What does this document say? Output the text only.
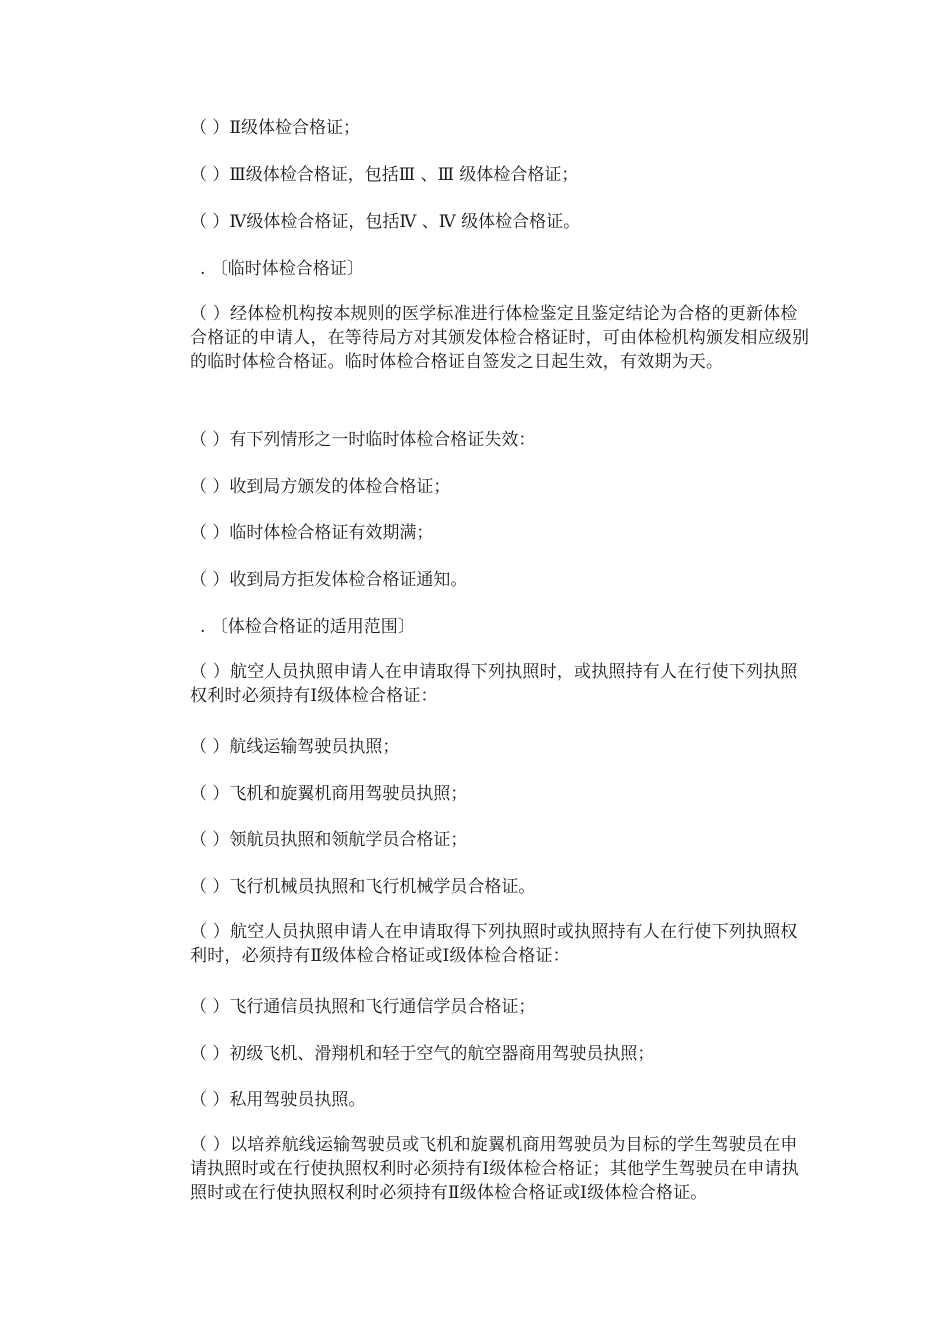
（ ）Ⅱ级体检合格证；
（ ）Ⅲ级体检合格证，包括Ⅲ 、Ⅲ 级体检合格证；
（ ）Ⅳ级体检合格证，包括Ⅳ 、Ⅳ 级体检合格证。
. 〔临时体检合格证〕
（ ）经体检机构按本规则的医学标准进行体检鉴定且鉴定结论为合格的更新体检合格证的申请人，在等待局方对其颁发体检合格证时，可由体检机构颁发相应级别的临时体检合格证。临时体检合格证自签发之日起生效，有效期为天。
（ ）有下列情形之一时临时体检合格证失效：
（ ）收到局方颁发的体检合格证；
（ ）临时体检合格证有效期满；
（ ）收到局方拒发体检合格证通知。
. 〔体检合格证的适用范围〕
（ ）航空人员执照申请人在申请取得下列执照时，或执照持有人在行使下列执照权利时必须持有Ⅰ级体检合格证：
（ ）航线运输驾驶员执照；
（ ）飞机和旋翼机商用驾驶员执照；
（ ）领航员执照和领航学员合格证；
（ ）飞行机械员执照和飞行机械学员合格证。
（ ）航空人员执照申请人在申请取得下列执照时或执照持有人在行使下列执照权利时，必须持有Ⅱ级体检合格证或Ⅰ级体检合格证：
（ ）飞行通信员执照和飞行通信学员合格证；
（ ）初级飞机、滑翔机和轻于空气的航空器商用驾驶员执照；
（ ）私用驾驶员执照。
（ ）以培养航线运输驾驶员或飞机和旋翼机商用驾驶员为目标的学生驾驶员在申请执照时或在行使执照权利时必须持有Ⅰ级体检合格证；其他学生驾驶员在申请执照时或在行使执照权利时必须持有Ⅱ级体检合格证或Ⅰ级体检合格证。
